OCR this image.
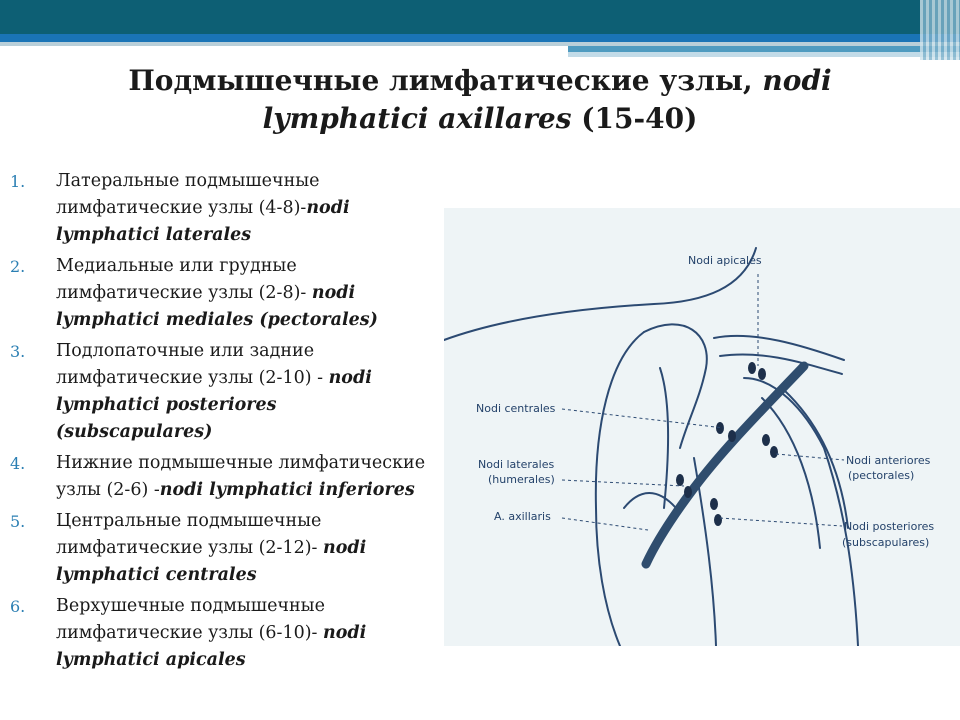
Подмышечные лимфатические узлы, nodi
lymphatici axillares (15-40)
1.	Латеральные подмышечные лимфатические узлы (4-8)-nodi lymphatici laterales
2.	Медиальные или грудные лимфатические узлы (2-8)- nodi lymphatici mediales (pectorales)
3.	Подлопаточные или задние лимфатические узлы (2-10) - nodi lymphatici posteriores (subscapulares)
4.	Нижние подмышечные лимфатические узлы (2-6) -nodi lymphatici inferiores
5.	Центральные подмышечные лимфатические узлы (2-12)- nodi lymphatici centrales
6.	Верхушечные подмышечные лимфатические узлы (6-10)- nodi lymphatici apicales
Nodi apicales
Nodi centrales
Nodi laterales
(humerales)
A. axillaris
Nodi anteriores
(pectorales)
Nodi posteriores
(subscapulares)
